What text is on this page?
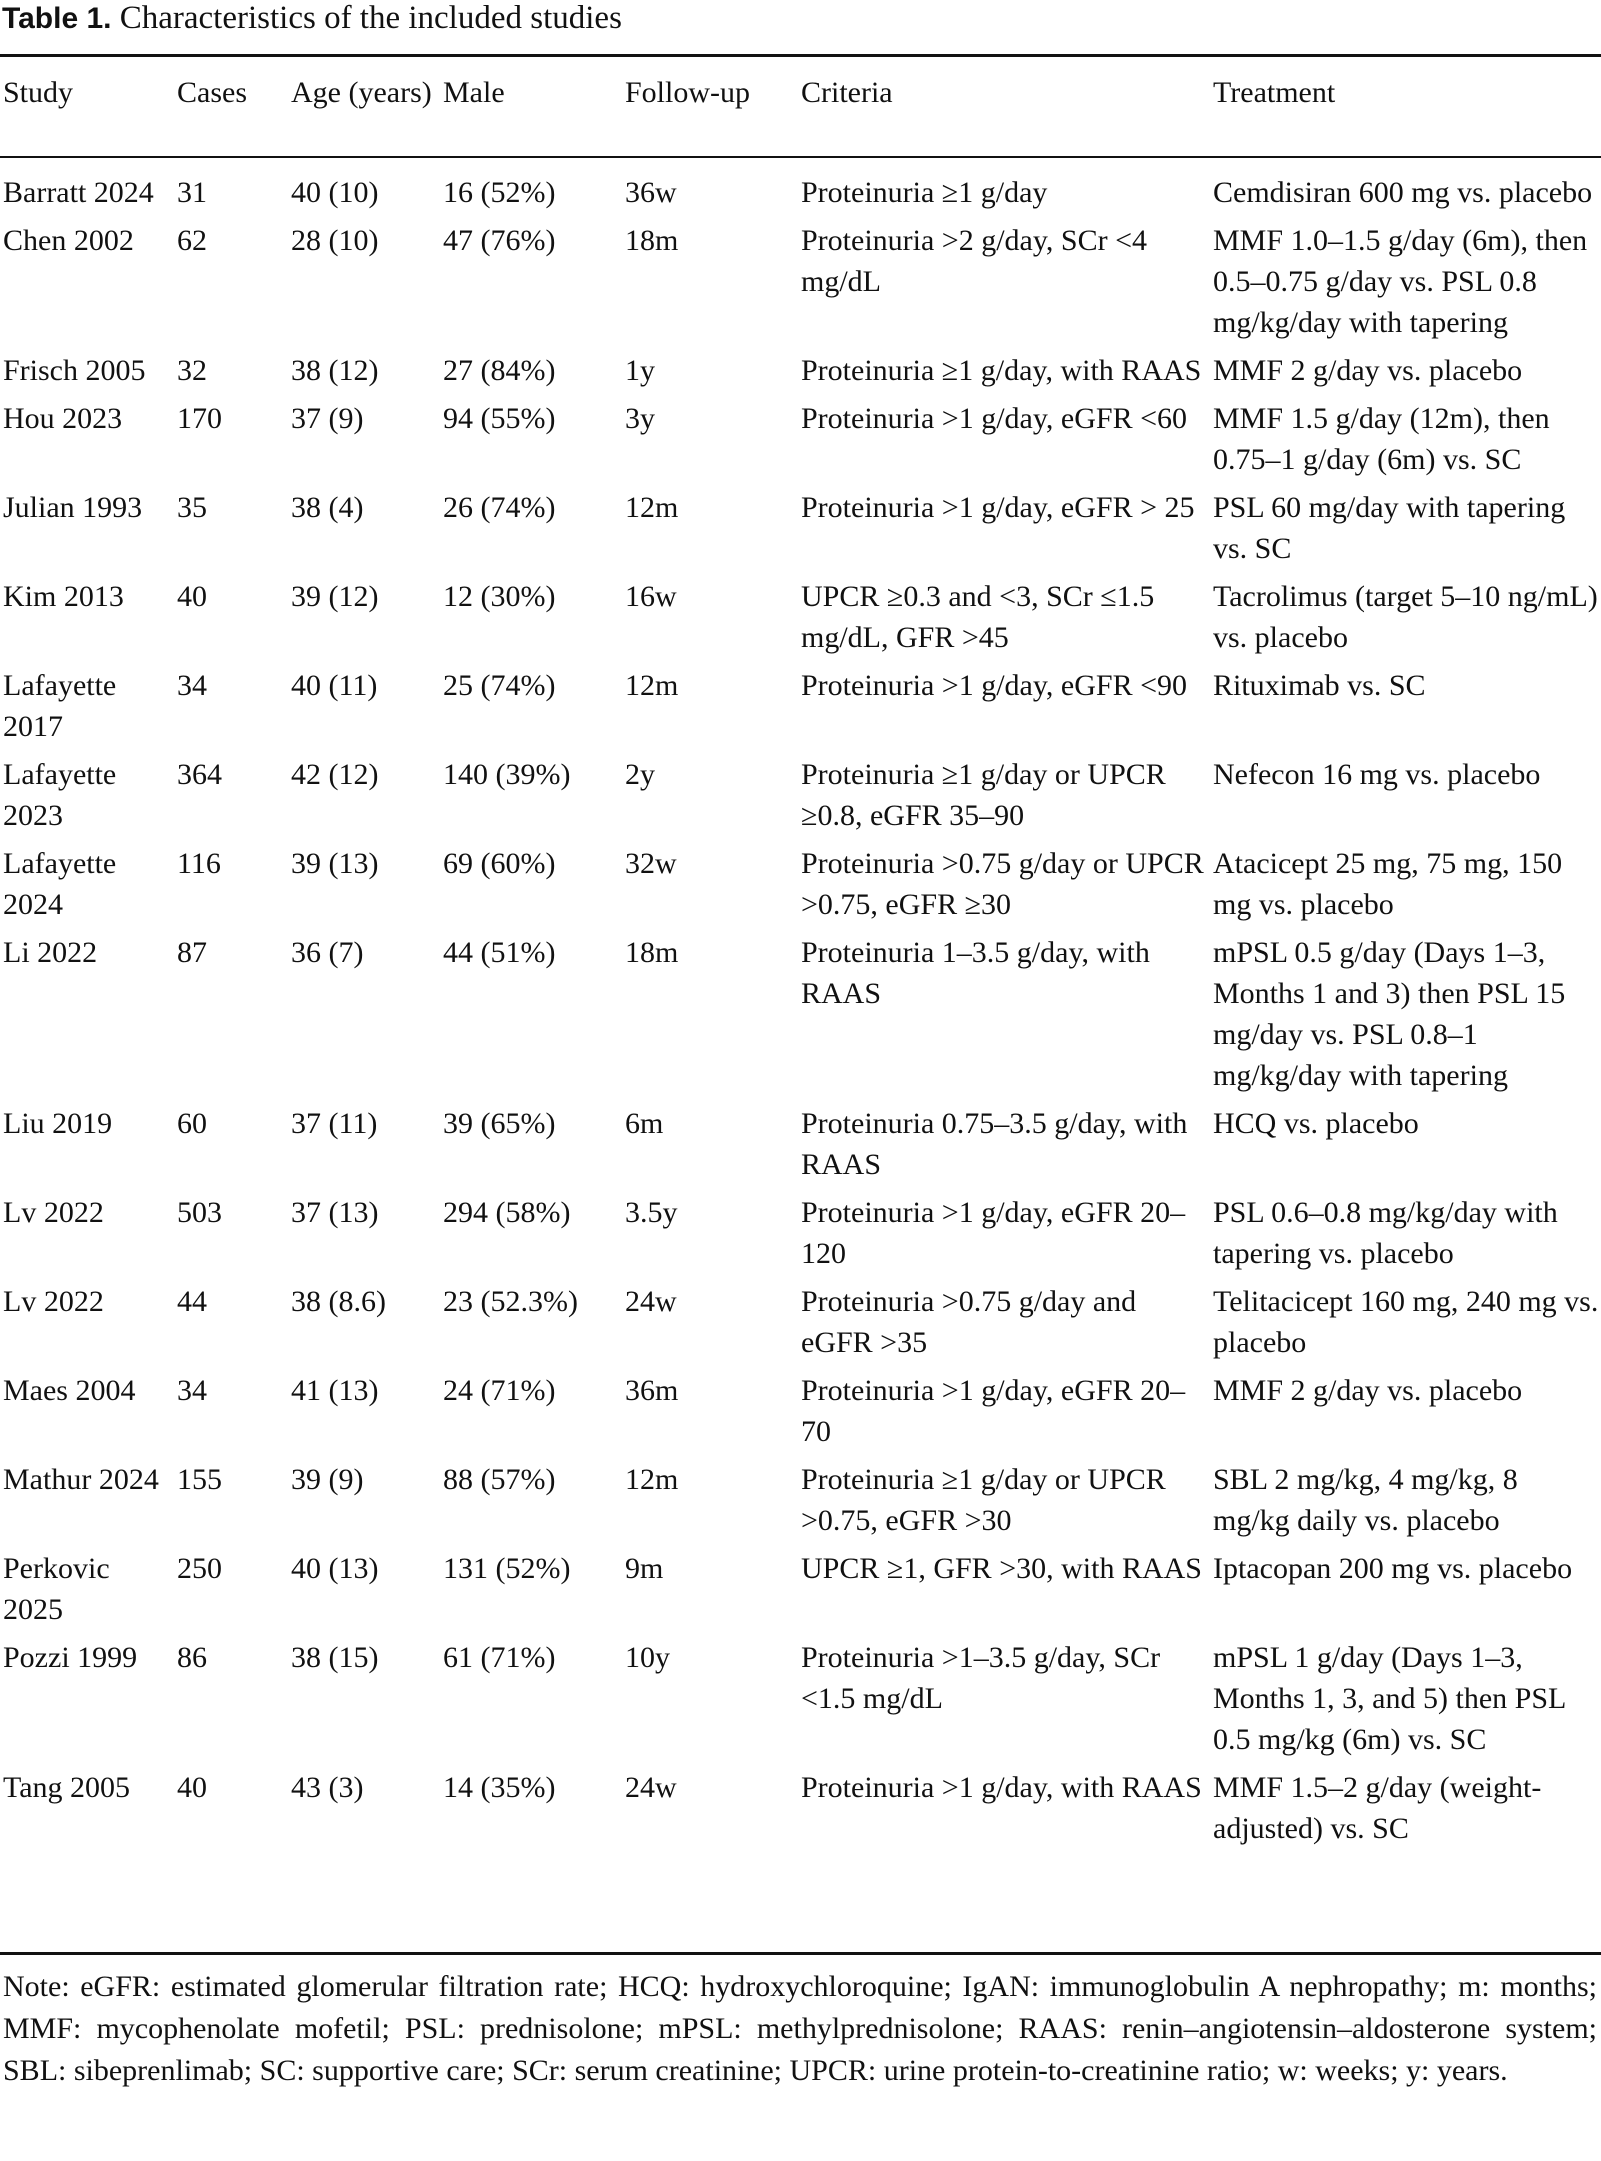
Table 1. Characteristics of the included studies
Study	Cases	Age (years)	Male	Follow-up	Criteria	Treatment
Barratt 2024	31	40 (10)	16 (52%)	36w	Proteinuria ≥1 g/day	Cemdisiran 600 mg vs. placebo
Chen 2002	62	28 (10)	47 (76%)	18m	Proteinuria >2 g/day, SCr <4 mg/dL	MMF 1.0–1.5 g/day (6m), then 0.5–0.75 g/day vs. PSL 0.8 mg/kg/day with tapering
Frisch 2005	32	38 (12)	27 (84%)	1y	Proteinuria ≥1 g/day, with RAAS	MMF 2 g/day vs. placebo
Hou 2023	170	37 (9)	94 (55%)	3y	Proteinuria >1 g/day, eGFR <60	MMF 1.5 g/day (12m), then 0.75–1 g/day (6m) vs. SC
Julian 1993	35	38 (4)	26 (74%)	12m	Proteinuria >1 g/day, eGFR > 25	PSL 60 mg/day with tapering vs. SC
Kim 2013	40	39 (12)	12 (30%)	16w	UPCR ≥0.3 and <3, SCr ≤1.5 mg/dL, GFR >45	Tacrolimus (target 5–10 ng/mL) vs. placebo
Lafayette 2017	34	40 (11)	25 (74%)	12m	Proteinuria >1 g/day, eGFR <90	Rituximab vs. SC
Lafayette 2023	364	42 (12)	140 (39%)	2y	Proteinuria ≥1 g/day or UPCR ≥0.8, eGFR 35–90	Nefecon 16 mg vs. placebo
Lafayette 2024	116	39 (13)	69 (60%)	32w	Proteinuria >0.75 g/day or UPCR >0.75, eGFR ≥30	Atacicept 25 mg, 75 mg, 150 mg vs. placebo
Li 2022	87	36 (7)	44 (51%)	18m	Proteinuria 1–3.5 g/day, with RAAS	mPSL 0.5 g/day (Days 1–3, Months 1 and 3) then PSL 15 mg/day vs. PSL 0.8–1 mg/kg/day with tapering
Liu 2019	60	37 (11)	39 (65%)	6m	Proteinuria 0.75–3.5 g/day, with RAAS	HCQ vs. placebo
Lv 2022	503	37 (13)	294 (58%)	3.5y	Proteinuria >1 g/day, eGFR 20–120	PSL 0.6–0.8 mg/kg/day with tapering vs. placebo
Lv 2022	44	38 (8.6)	23 (52.3%)	24w	Proteinuria >0.75 g/day and eGFR >35	Telitacicept 160 mg, 240 mg vs. placebo
Maes 2004	34	41 (13)	24 (71%)	36m	Proteinuria >1 g/day, eGFR 20–70	MMF 2 g/day vs. placebo
Mathur 2024	155	39 (9)	88 (57%)	12m	Proteinuria ≥1 g/day or UPCR >0.75, eGFR >30	SBL 2 mg/kg, 4 mg/kg, 8 mg/kg daily vs. placebo
Perkovic 2025	250	40 (13)	131 (52%)	9m	UPCR ≥1, GFR >30, with RAAS	Iptacopan 200 mg vs. placebo
Pozzi 1999	86	38 (15)	61 (71%)	10y	Proteinuria >1–3.5 g/day, SCr <1.5 mg/dL	mPSL 1 g/day (Days 1–3, Months 1, 3, and 5) then PSL 0.5 mg/kg (6m) vs. SC
Tang 2005	40	43 (3)	14 (35%)	24w	Proteinuria >1 g/day, with RAAS	MMF 1.5–2 g/day (weight-adjusted) vs. SC
Note: eGFR: estimated glomerular filtration rate; HCQ: hydroxychloroquine; IgAN: immunoglobulin A nephropathy; m: months; MMF: mycophenolate mofetil; PSL: prednisolone; mPSL: methylprednisolone; RAAS: renin–angiotensin–aldosterone system; SBL: sibeprenlimab; SC: supportive care; SCr: serum creatinine; UPCR: urine protein-to-creatinine ratio; w: weeks; y: years.
